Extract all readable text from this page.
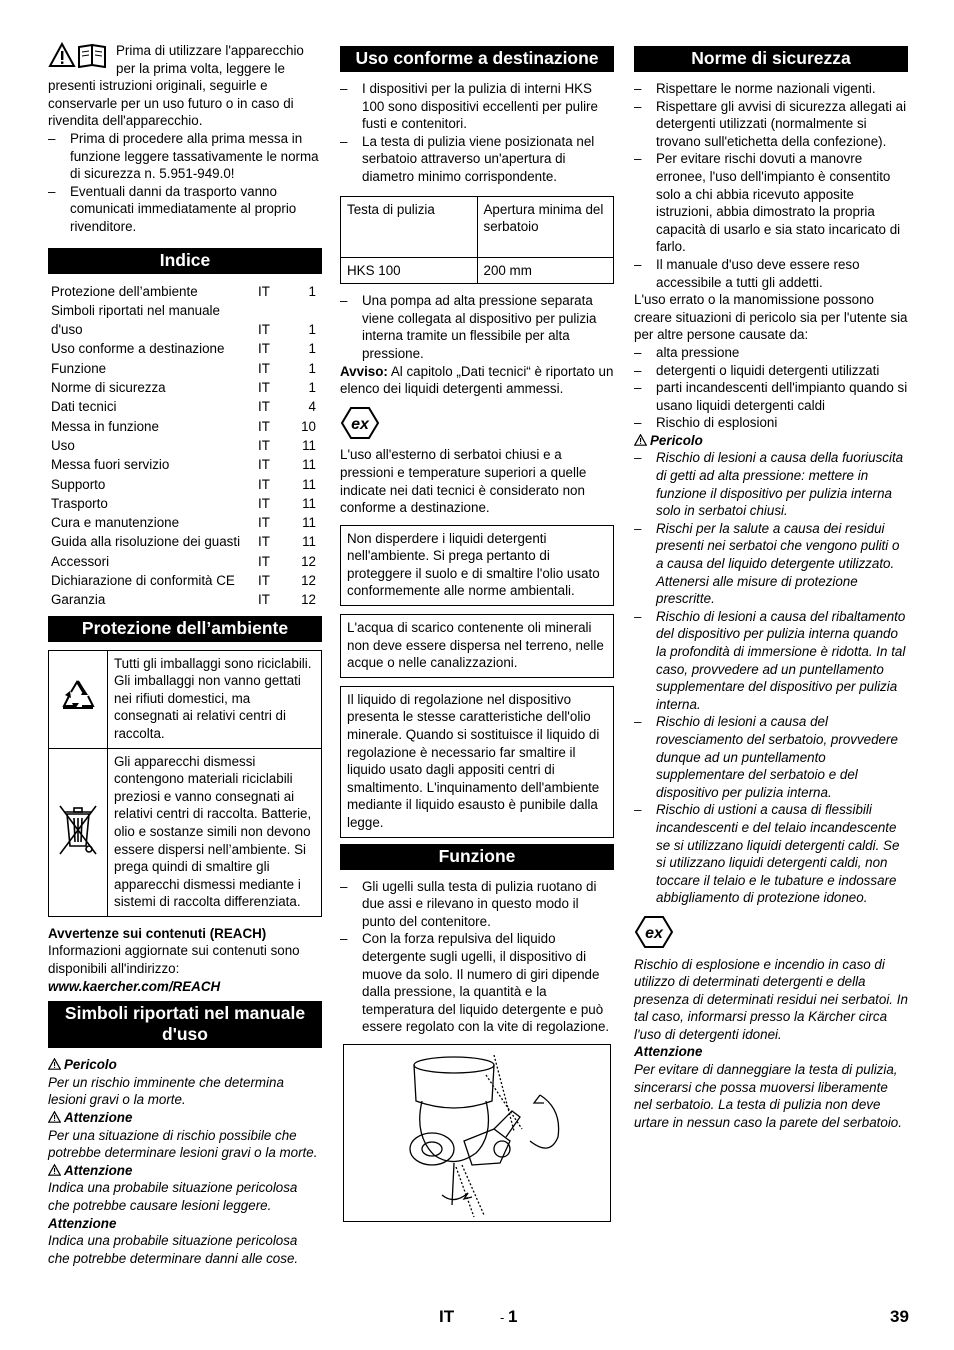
Prima di utilizzare l'apparecchio per la prima volta, leggere le presenti istruzioni originali, seguirle e conservarle per un uso futuro o in caso di rivendita dell'apparecchio.

– Prima di procedere alla prima messa in funzione leggere tassativamente le norma di sicurezza n. 5.951-949.0!
– Eventuali danni da trasporto vanno comunicati immediatamente al proprio rivenditore.
Indice
Protezione dell’ambiente	IT	1
Simboli riportati nel manuale d'uso	IT	1
Uso conforme a destinazione	IT	1
Funzione	IT	1
Norme di sicurezza	IT	1
Dati tecnici	IT	4
Messa in funzione	IT	10
Uso	IT	11
Messa fuori servizio	IT	11
Supporto	IT	11
Trasporto	IT	11
Cura e manutenzione	IT	11
Guida alla risoluzione dei guasti	IT	11
Accessori	IT	12
Dichiarazione di conformità CE	IT	12
Garanzia	IT	12
Protezione dell’ambiente
	Tutti gli imballaggi sono riciclabili. Gli imballaggi non vanno gettati nei rifiuti domestici, ma consegnati ai relativi centri di raccolta.
	Gli apparecchi dismessi contengono materiali riciclabili preziosi e vanno consegnati ai relativi centri di raccolta. Batterie, olio e sostanze simili non devono essere dispersi nell’ambiente. Si prega quindi di smaltire gli apparecchi dismessi mediante i sistemi di raccolta differenziata.

Avvertenze sui contenuti (REACH)

Informazioni aggiornate sui contenuti sono disponibili all'indirizzo:

www.kaercher.com/REACH

Simboli riportati nel manuale d'uso

Pericolo

Per un rischio imminente che determina lesioni gravi o la morte.

Attenzione

Per una situazione di rischio possibile che potrebbe determinare lesioni gravi o la morte.

Attenzione

Indica una probabile situazione pericolosa che potrebbe causare lesioni leggere.

Attenzione

Indica una probabile situazione pericolosa che potrebbe determinare danni alle cose.

Uso conforme a destinazione
– I dispositivi per la pulizia di interni HKS 100 sono dispositivi eccellenti per pulire fusti e contenitori.
– La testa di pulizia viene posizionata nel serbatoio attraverso un'apertura di diametro minimo corrispondente.
Testa di pulizia	Apertura minima del serbatoio
HKS 100	200 mm
– Una pompa ad alta pressione separata viene collegata al dispositivo per pulizia interna tramite un flessibile per alta pressione.

Avviso: Al capitolo „Dati tecnici“ è riportato un elenco dei liquidi detergenti ammessi.

ex

L'uso all'esterno di serbatoi chiusi e a pressioni e temperature superiori a quelle indicate nei dati tecnici è considerato non conforme a destinazione.

Non disperdere i liquidi detergenti nell'ambiente. Si prega pertanto di proteggere il suolo e di smaltire l'olio usato conformemente alle norme ambientali.
L'acqua di scarico contenente oli minerali non deve essere dispersa nel terreno, nelle acque o nelle canalizzazioni.
Il liquido di regolazione nel dispositivo presenta le stesse caratteristiche dell'olio minerale. Quando si sostituisce il liquido di regolazione è necessario far smaltire il liquido usato dagli appositi centri di smaltimento. L'inquinamento dell'ambiente mediante il liquido esausto è punibile dalla legge.
Funzione
– Gli ugelli sulla testa di pulizia ruotano di due assi e rilevano in questo modo il punto del contenitore.
– Con la forza repulsiva del liquido detergente sugli ugelli, il dispositivo di muove da solo. Il numero di giri dipende dalla pressione, la quantità e la temperatura del liquido detergente e può essere regolato con la vite di regolazione.
Norme di sicurezza
– Rispettare le norme nazionali vigenti.
– Rispettare gli avvisi di sicurezza allegati ai detergenti utilizzati (normalmente si trovano sull'etichetta della confezione).
– Per evitare rischi dovuti a manovre erronee, l'uso dell'impianto è consentito solo a chi abbia ricevuto apposite istruzioni, abbia dimostrato la propria capacità di usarlo e sia stato incaricato di farlo.
– Il manuale d'uso deve essere reso accessibile a tutti gli addetti.

L'uso errato o la manomissione possono creare situazioni di pericolo sia per l'utente sia per altre persone causate da:

– alta pressione
– detergenti o liquidi detergenti utilizzati
– parti incandescenti dell'impianto quando si usano liquidi detergenti caldi
– Rischio di esplosioni

Pericolo

– Rischio di lesioni a causa della fuoriuscita di getti ad alta pressione: mettere in funzione il dispositivo per pulizia interna solo in serbatoi chiusi.
– Rischi per la salute a causa dei residui presenti nei serbatoi che vengono puliti o a causa del liquido detergente utilizzato. Attenersi alle misure di protezione prescritte.
– Rischio di lesioni a causa del ribaltamento del dispositivo per pulizia interna quando la profondità di immersione è ridotta. In tal caso, provvedere ad un puntellamento supplementare del dispositivo per pulizia interna.
– Rischio di lesioni a causa del rovesciamento del serbatoio, provvedere dunque ad un puntellamento supplementare del serbatoio e del dispositivo per pulizia interna.
– Rischio di ustioni a causa di flessibili incandescenti e del telaio incandescente se si utilizzano liquidi detergenti caldi. Se si utilizzano liquidi detergenti caldi, non toccare il telaio e le tubature e indossare abbigliamento di protezione idoneo.
ex

Rischio di esplosione e incendio in caso di utilizzo di determinati detergenti e della presenza di determinati residui nei serbatoi. In tal caso, informarsi presso la Kärcher circa l'uso di detergenti idonei.

Attenzione

Per evitare di danneggiare la testa di pulizia, sincerarsi che possa muoversi liberamente nel serbatoio. La testa di pulizia non deve urtare in nessun caso la parete del serbatoio.

IT	- 1	39
